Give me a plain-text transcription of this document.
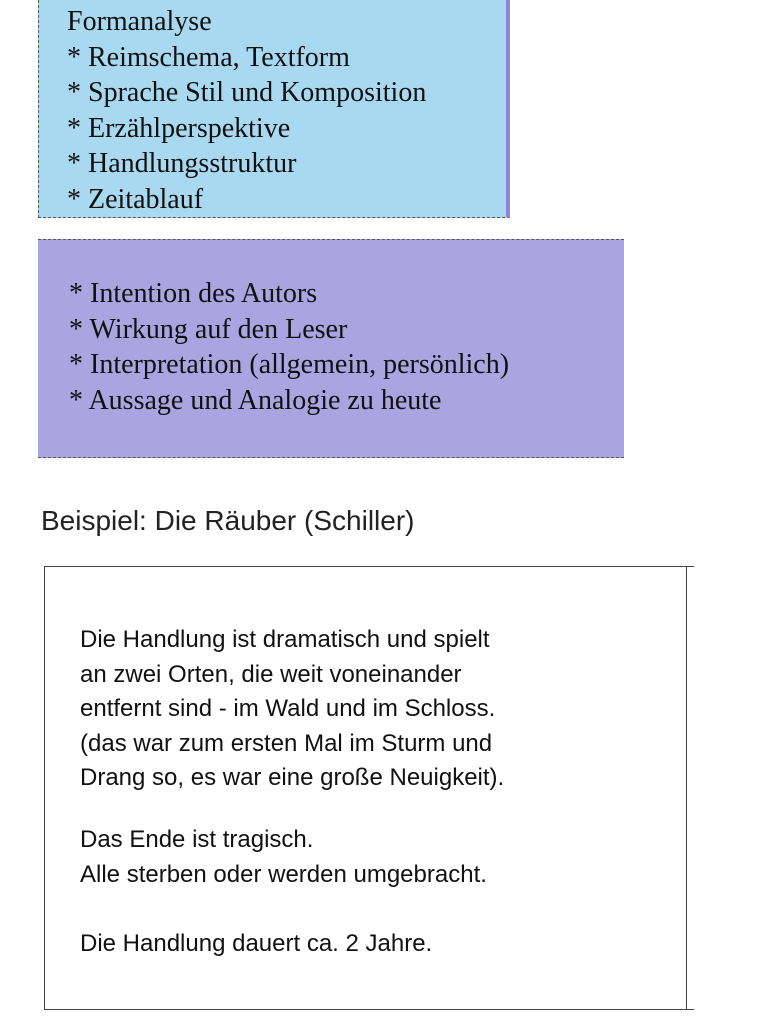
Formanalyse
* Reimschema, Textform
* Sprache Stil und Komposition
* Erzählperspektive
* Handlungsstruktur
* Zeitablauf
* Intention des Autors
* Wirkung auf den Leser
* Interpretation (allgemein, persönlich)
* Aussage und Analogie zu heute
Beispiel: Die Räuber (Schiller)
Die Handlung ist dramatisch und spielt
an zwei Orten, die weit voneinander
entfernt sind - im Wald und im Schloss.
(das war zum ersten Mal im Sturm und
Drang so, es war eine große Neuigkeit).
Das Ende ist tragisch.
Alle sterben oder werden umgebracht.
Die Handlung dauert ca. 2 Jahre.
